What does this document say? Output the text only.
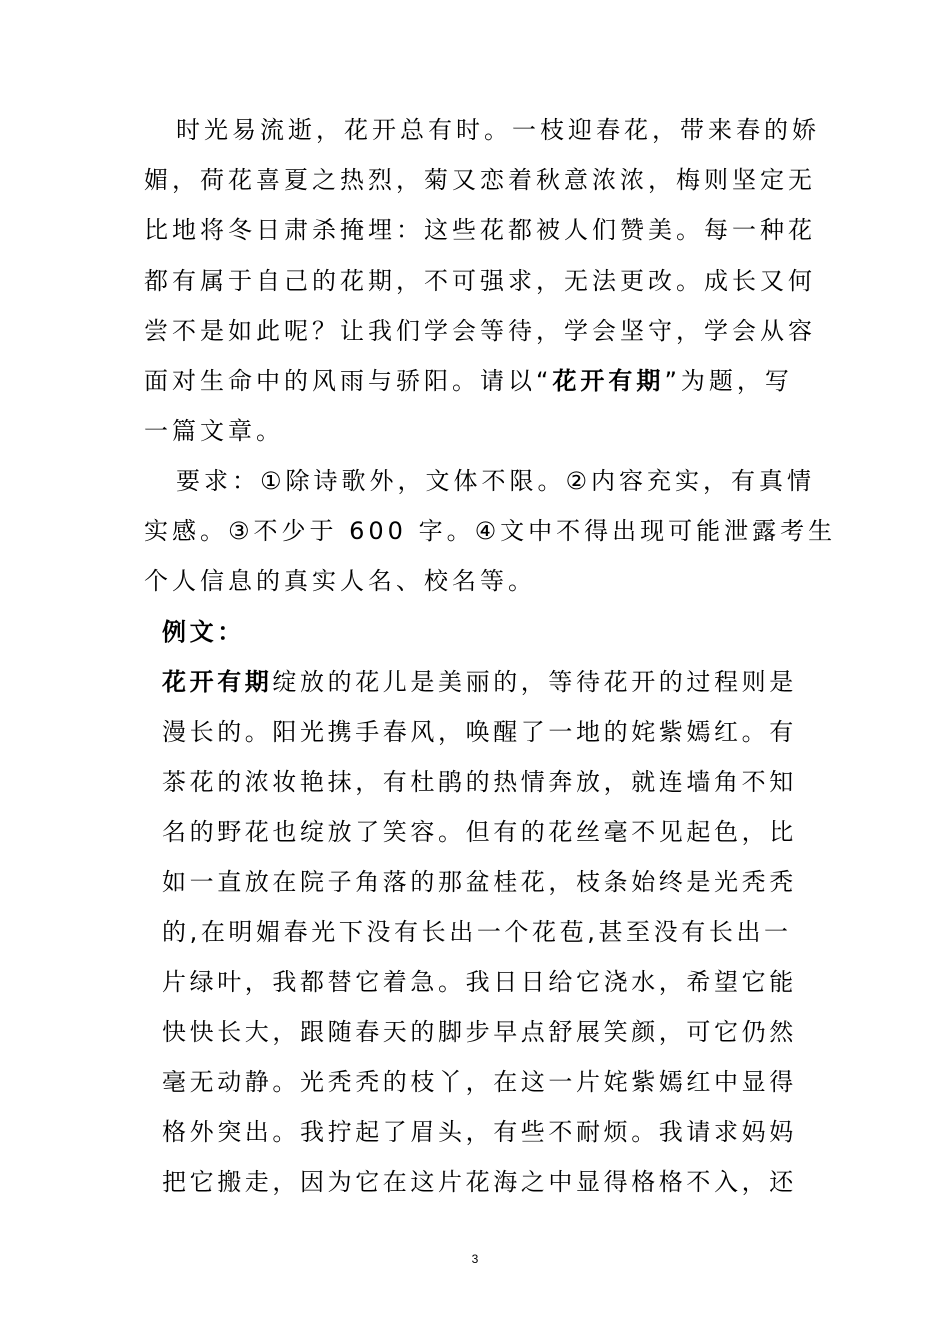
时光易流逝，花开总有时。一枝迎春花，带来春的娇

媚，荷花喜夏之热烈，菊又恋着秋意浓浓，梅则坚定无

比地将冬日肃杀掩埋：这些花都被人们赞美。每一种花

都有属于自己的花期，不可强求，无法更改。成长又何

尝不是如此呢？让我们学会等待，学会坚守，学会从容

面对生命中的风雨与骄阳。请以“花开有期”为题，写

一篇文章。

要求：①除诗歌外，文体不限。②内容充实，有真情

实感。③不少于 600 字。④文中不得出现可能泄露考生

个人信息的真实人名、校名等。

例文：

花开有期绽放的花儿是美丽的，等待花开的过程则是

漫长的。阳光携手春风，唤醒了一地的姹紫嫣红。有

茶花的浓妆艳抹，有杜鹃的热情奔放，就连墙角不知

名的野花也绽放了笑容。但有的花丝毫不见起色，比

如一直放在院子角落的那盆桂花，枝条始终是光秃秃

的,在明媚春光下没有长出一个花苞,甚至没有长出一

片绿叶，我都替它着急。我日日给它浇水，希望它能

快快长大，跟随春天的脚步早点舒展笑颜，可它仍然

毫无动静。光秃秃的枝丫，在这一片姹紫嫣红中显得

格外突出。我拧起了眉头，有些不耐烦。我请求妈妈

把它搬走，因为它在这片花海之中显得格格不入，还

3
